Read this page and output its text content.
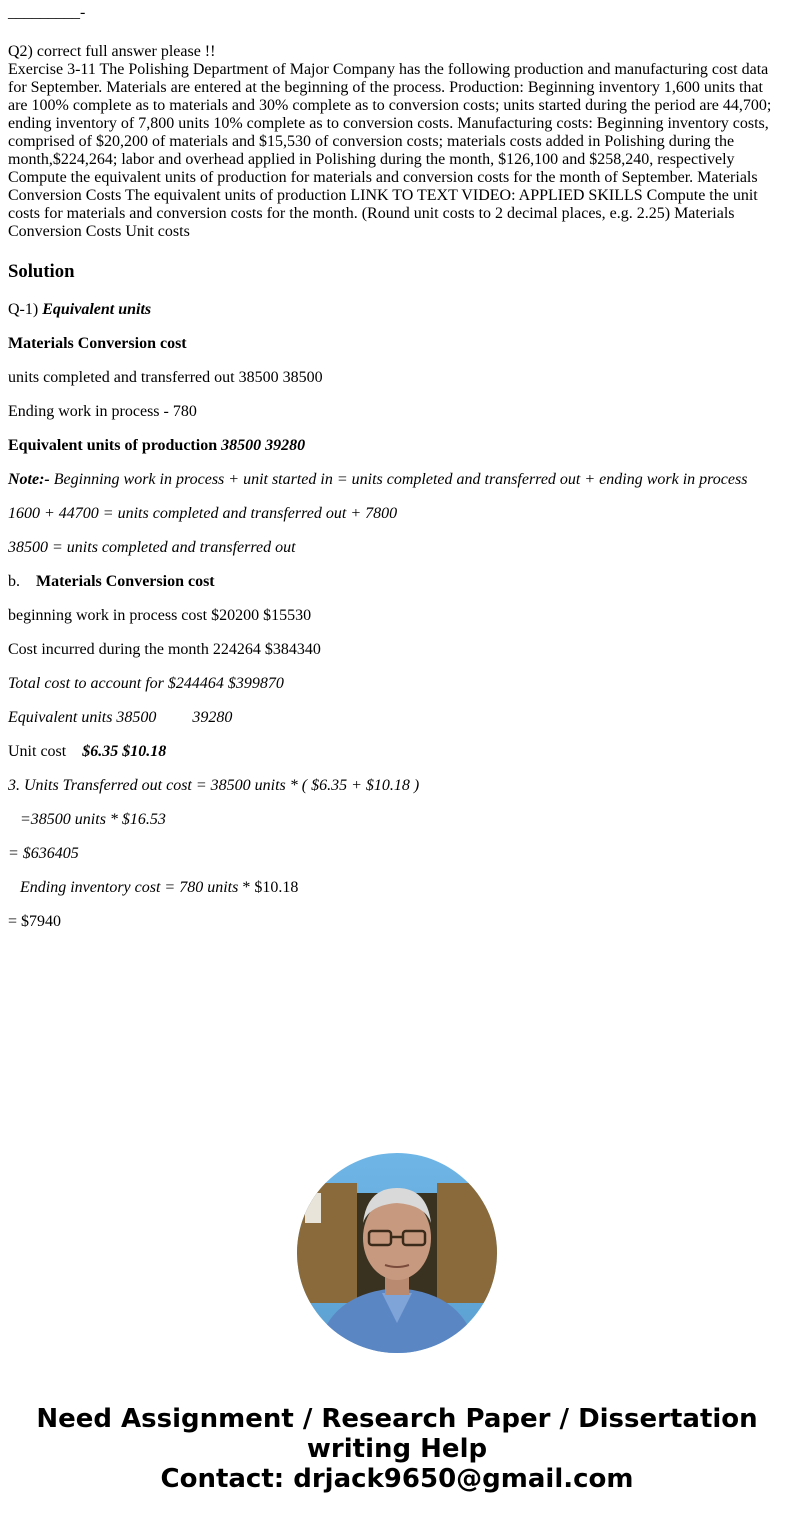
_________-
Q2) correct full answer please !!
Exercise 3-11 The Polishing Department of Major Company has the following production and manufacturing cost data for September. Materials are entered at the beginning of the process. Production: Beginning inventory 1,600 units that are 100% complete as to materials and 30% complete as to conversion costs; units started during the period are 44,700; ending inventory of 7,800 units 10% complete as to conversion costs. Manufacturing costs: Beginning inventory costs, comprised of $20,200 of materials and $15,530 of conversion costs; materials costs added in Polishing during the month,$224,264; labor and overhead applied in Polishing during the month, $126,100 and $258,240, respectively Compute the equivalent units of production for materials and conversion costs for the month of September. Materials Conversion Costs The equivalent units of production LINK TO TEXT VIDEO: APPLIED SKILLS Compute the unit costs for materials and conversion costs for the month. (Round unit costs to 2 decimal places, e.g. 2.25) Materials Conversion Costs Unit costs
Solution
Q-1) Equivalent units
Materials Conversion cost
units completed and transferred out 38500 38500
Ending work in process - 780
Equivalent units of production 38500 39280
Note:- Beginning work in process + unit started in = units completed and transferred out + ending work in process
1600 + 44700 = units completed and transferred out + 7800
38500 = units completed and transferred out
b.    Materials Conversion cost
beginning work in process cost $20200 $15530
Cost incurred during the month 224264 $384340
Total cost to account for $244464 $399870
Equivalent units 38500         39280
Unit cost    $6.35 $10.18
3. Units Transferred out cost = 38500 units * ( $6.35 + $10.18 )
=38500 units * $16.53
= $636405
Ending inventory cost = 780 units * $10.18
= $7940
Need Assignment / Research Paper / Dissertation
writing Help
Contact: drjack9650@gmail.com
